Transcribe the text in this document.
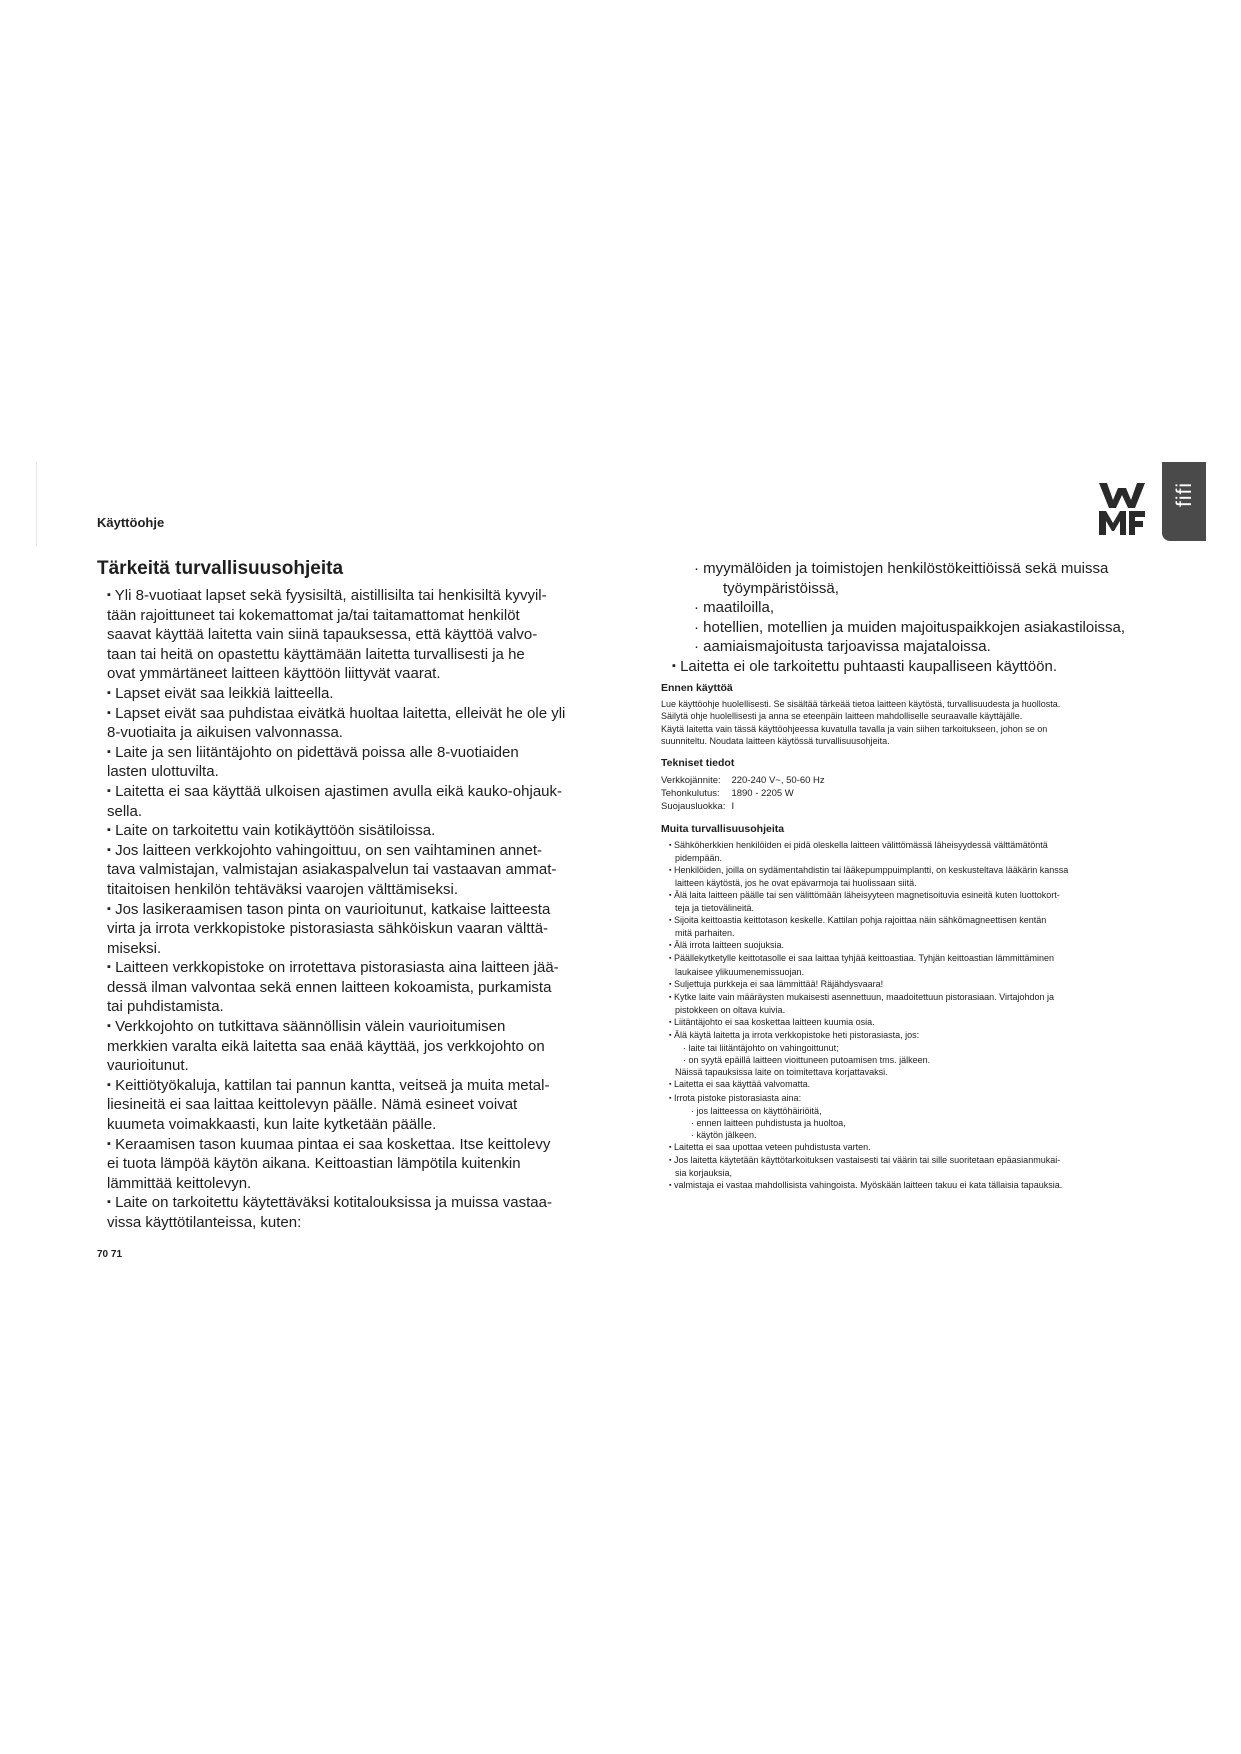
Käyttöohje
fifi
Tärkeitä turvallisuusohjeita

▪ Yli 8-vuotiaat lapset sekä fyysisiltä, aistillisilta tai henkisiltä kyvyil-
tään rajoittuneet tai kokemattomat ja/tai taitamattomat henkilöt
saavat käyttää laitetta vain siinä tapauksessa, että käyttöä valvo-
taan tai heitä on opastettu käyttämään laitetta turvallisesti ja he
ovat ymmärtäneet laitteen käyttöön liittyvät vaarat.

▪ Lapset eivät saa leikkiä laitteella.

▪ Lapset eivät saa puhdistaa eivätkä huoltaa laitetta, elleivät he ole yli
8-vuotiaita ja aikuisen valvonnassa.

▪ Laite ja sen liitäntäjohto on pidettävä poissa alle 8-vuotiaiden
lasten ulottuvilta.

▪ Laitetta ei saa käyttää ulkoisen ajastimen avulla eikä kauko-ohjauk-
sella.

▪ Laite on tarkoitettu vain kotikäyttöön sisätiloissa.

▪ Jos laitteen verkkojohto vahingoittuu, on sen vaihtaminen annet-
tava valmistajan, valmistajan asiakaspalvelun tai vastaavan ammat-
titaitoisen henkilön tehtäväksi vaarojen välttämiseksi.

▪ Jos lasikeraamisen tason pinta on vaurioitunut, katkaise laitteesta
virta ja irrota verkkopistoke pistorasiasta sähköiskun vaaran välttä-
miseksi.

▪ Laitteen verkkopistoke on irrotettava pistorasiasta aina laitteen jää-
dessä ilman valvontaa sekä ennen laitteen kokoamista, purkamista
tai puhdistamista.

▪ Verkkojohto on tutkittava säännöllisin välein vaurioitumisen
merkkien varalta eikä laitetta saa enää käyttää, jos verkkojohto on
vaurioitunut.

▪ Keittiötyökaluja, kattilan tai pannun kantta, veitseä ja muita metal-
liesineitä ei saa laittaa keittolevyn päälle. Nämä esineet voivat
kuumeta voimakkaasti, kun laite kytketään päälle.

▪ Keraamisen tason kuumaa pintaa ei saa koskettaa. Itse keittolevy
ei tuota lämpöä käytön aikana. Keittoastian lämpötila kuitenkin
lämmittää keittolevyn.

▪ Laite on tarkoitettu käytettäväksi kotitalouksissa ja muissa vastaa-
vissa käyttötilanteissa, kuten:

· myymälöiden ja toimistojen henkilöstökeittiöissä sekä muissa
työympäristöissä,

· maatiloilla,

· hotellien, motellien ja muiden majoituspaikkojen asiakastiloissa,

· aamiaismajoitusta tarjoavissa majataloissa.

▪ Laitetta ei ole tarkoitettu puhtaasti kaupalliseen käyttöön.

Ennen käyttöä

Lue käyttöohje huolellisesti. Se sisältää tärkeää tietoa laitteen käytöstä, turvallisuudesta ja huollosta.
Säilytä ohje huolellisesti ja anna se eteenpäin laitteen mahdolliselle seuraavalle käyttäjälle.
Käytä laitetta vain tässä käyttöohjeessa kuvatulla tavalla ja vain siihen tarkoitukseen, johon se on
suunniteltu. Noudata laitteen käytössä turvallisuusohjeita.

Tekniset tiedot

Verkkojännite:	220-240 V~, 50-60 Hz
Tehonkulutus:	1890 - 2205 W
Suojausluokka:	I

Muita turvallisuusohjeita

▪ Sähköherkkien henkilöiden ei pidä oleskella laitteen välittömässä läheisyydessä välttämätöntä

pidempään.

▪ Henkilöiden, joilla on sydämentahdistin tai lääkepumppuimplantti, on keskusteltava lääkärin kanssa

laitteen käytöstä, jos he ovat epävarmoja tai huolissaan siitä.

▪ Älä laita laitteen päälle tai sen välittömään läheisyyteen magnetisoituvia esineitä kuten luottokort-

teja ja tietovälineitä.

▪ Sijoita keittoastia keittotason keskelle. Kattilan pohja rajoittaa näin sähkömagneettisen kentän

mitä parhaiten.

▪ Älä irrota laitteen suojuksia.

▪ Päällekytketylle keittotasolle ei saa laittaa tyhjää keittoastiaa. Tyhjän keittoastian lämmittäminen

laukaisee ylikuumenemissuojan.

▪ Suljettuja purkkeja ei saa lämmittää! Räjähdysvaara!

▪ Kytke laite vain määräysten mukaisesti asennettuun, maadoitettuun pistorasiaan. Virtajohdon ja

pistokkeen on oltava kuivia.

▪ Liitäntäjohto ei saa koskettaa laitteen kuumia osia.

▪ Älä käytä laitetta ja irrota verkkopistoke heti pistorasiasta, jos:

· laite tai liitäntäjohto on vahingoittunut;

· on syytä epäillä laitteen vioittuneen putoamisen tms. jälkeen.

Näissä tapauksissa laite on toimitettava korjattavaksi.

▪ Laitetta ei saa käyttää valvomatta.

▪ Irrota pistoke pistorasiasta aina:

· jos laitteessa on käyttöhäiriöitä,

· ennen laitteen puhdistusta ja huoltoa,

· käytön jälkeen.

▪ Laitetta ei saa upottaa veteen puhdistusta varten.

▪ Jos laitetta käytetään käyttötarkoituksen vastaisesti tai väärin tai sille suoritetaan epäasianmukai-

sia korjauksia,

▪ valmistaja ei vastaa mahdollisista vahingoista. Myöskään laitteen takuu ei kata tällaisia tapauksia.

70 71
